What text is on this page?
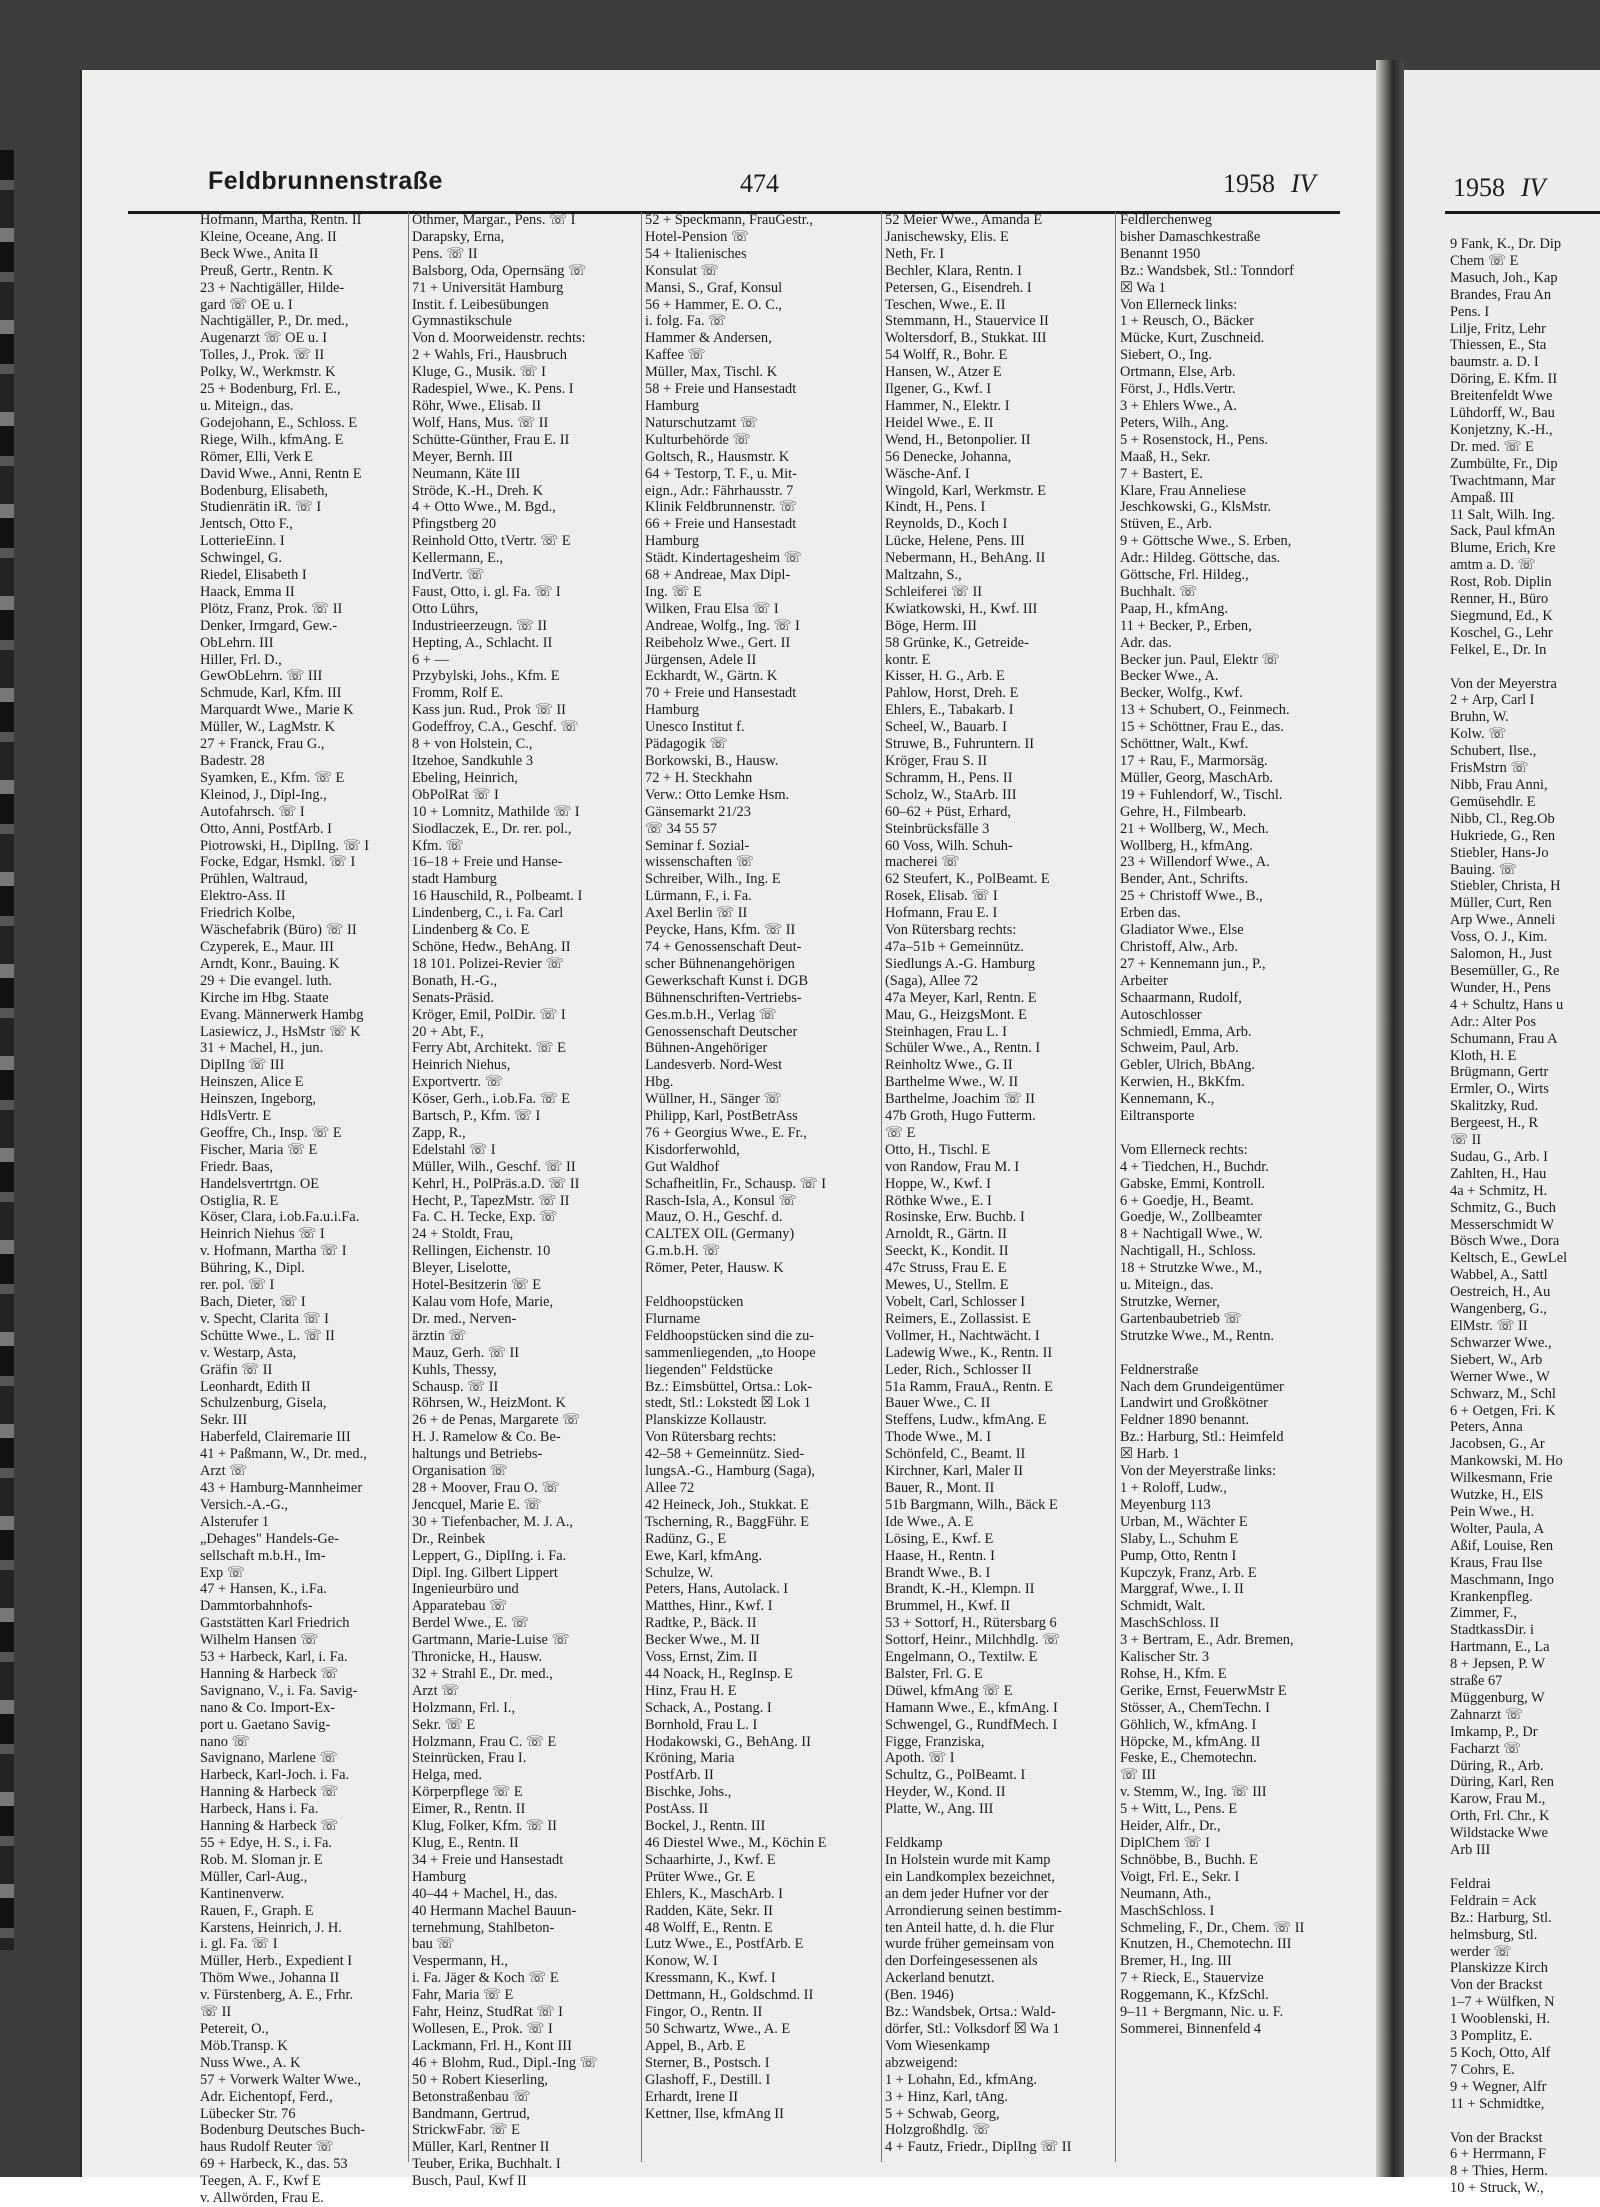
Feldbrunnenstraße	474	1958 IV
Hofmann, Martha, Rentn. II
Kleine, Oceane, Ang. II
Beck Wwe., Anita II
Preuß, Gertr., Rentn. K
23 + Nachtigäller, Hilde-
gard ☏ OE u. I
Nachtigäller, P., Dr. med.,
Augenarzt ☏ OE u. I
Tolles, J., Prok. ☏ II
Polky, W., Werkmstr. K
25 + Bodenburg, Frl. E.,
u. Miteign., das.
Godejohann, E., Schloss. E
Riege, Wilh., kfmAng. E
Römer, Elli, Verk E
David Wwe., Anni, Rentn E
Bodenburg, Elisabeth,
Studienrätin iR. ☏ I
Jentsch, Otto F.,
LotterieEinn. I
Schwingel, G.
Riedel, Elisabeth I
Haack, Emma II
Plötz, Franz, Prok. ☏ II
Denker, Irmgard, Gew.-
ObLehrn. III
Hiller, Frl. D.,
GewObLehrn. ☏ III
Schmude, Karl, Kfm. III
Marquardt Wwe., Marie K
Müller, W., LagMstr. K
27 + Franck, Frau G.,
Badestr. 28
Syamken, E., Kfm. ☏ E
Kleinod, J., Dipl-Ing.,
Autofahrsch. ☏ I
Otto, Anni, PostfArb. I
Piotrowski, H., DiplIng. ☏ I
Focke, Edgar, Hsmkl. ☏ I
Prühlen, Waltraud,
Elektro-Ass. II
Friedrich Kolbe,
Wäschefabrik (Büro) ☏ II
Czyperek, E., Maur. III
Arndt, Konr., Bauing. K
29 + Die evangel. luth.
Kirche im Hbg. Staate
Evang. Männerwerk Hambg
Lasiewicz, J., HsMstr ☏ K
31 + Machel, H., jun.
DiplIng ☏ III
Heinszen, Alice E
Heinszen, Ingeborg,
HdlsVertr. E
Geoffre, Ch., Insp. ☏ E
Fischer, Maria ☏ E
Friedr. Baas,
Handelsvertrtgn. OE
Ostiglia, R. E
Köser, Clara, i.ob.Fa.u.i.Fa.
Heinrich Niehus ☏ I
v. Hofmann, Martha ☏ I
Bühring, K., Dipl.
rer. pol. ☏ I
Bach, Dieter, ☏ I
v. Specht, Clarita ☏ I
Schütte Wwe., L. ☏ II
v. Westarp, Asta,
Gräfin ☏ II
Leonhardt, Edith II
Schulzenburg, Gisela,
Sekr. III
Haberfeld, Clairemarie III
41 + Paßmann, W., Dr. med.,
Arzt ☏
43 + Hamburg-Mannheimer
Versich.-A.-G.,
Alsterufer 1
„Dehages" Handels-Ge-
sellschaft m.b.H., Im-
Exp ☏
47 + Hansen, K., i.Fa.
Dammtorbahnhofs-
Gaststätten Karl Friedrich
Wilhelm Hansen ☏
53 + Harbeck, Karl, i. Fa.
Hanning & Harbeck ☏
Savignano, V., i. Fa. Savig-
nano & Co. Import-Ex-
port u. Gaetano Savig-
nano ☏
Savignano, Marlene ☏
Harbeck, Karl-Joch. i. Fa.
Hanning & Harbeck ☏
Harbeck, Hans i. Fa.
Hanning & Harbeck ☏
55 + Edye, H. S., i. Fa.
Rob. M. Sloman jr. E
Müller, Carl-Aug.,
Kantinenverw.
Rauen, F., Graph. E
Karstens, Heinrich, J. H.
i. gl. Fa. ☏ I
Müller, Herb., Expedient I
Thöm Wwe., Johanna II
v. Fürstenberg, A. E., Frhr.
☏ II
Petereit, O.,
Möb.Transp. K
Nuss Wwe., A. K
57 + Vorwerk Walter Wwe.,
Adr. Eichentopf, Ferd.,
Lübecker Str. 76
Bodenburg Deutsches Buch-
haus Rudolf Reuter ☏
69 + Harbeck, K., das. 53
Teegen, A. F., Kwf E
v. Allwörden, Frau E.
Othmer, Margar., Pens. ☏ I
Darapsky, Erna,
Pens. ☏ II
Balsborg, Oda, Opernsäng ☏
71 + Universität Hamburg
Instit. f. Leibesübungen
Gymnastikschule
Von d. Moorweidenstr. rechts:
2 + Wahls, Fri., Hausbruch
Kluge, G., Musik. ☏ I
Radespiel, Wwe., K. Pens. I
Röhr, Wwe., Elisab. II
Wolf, Hans, Mus. ☏ II
Schütte-Günther, Frau E. II
Meyer, Bernh. III
Neumann, Käte III
Ströde, K.-H., Dreh. K
4 + Otto Wwe., M. Bgd.,
Pfingstberg 20
Reinhold Otto, tVertr. ☏ E
Kellermann, E.,
IndVertr. ☏
Faust, Otto, i. gl. Fa. ☏ I
Otto Lührs,
Industrieerzeugn. ☏ II
Hepting, A., Schlacht. II
6 + —
Przybylski, Johs., Kfm. E
Fromm, Rolf E.
Kass jun. Rud., Prok ☏ II
Godeffroy, C.A., Geschf. ☏
8 + von Holstein, C.,
Itzehoe, Sandkuhle 3
Ebeling, Heinrich,
ObPolRat ☏ I
10 + Lomnitz, Mathilde ☏ I
Siodlaczek, E., Dr. rer. pol.,
Kfm. ☏
16–18 + Freie und Hanse-
stadt Hamburg
16 Hauschild, R., Polbeamt. I
Lindenberg, C., i. Fa. Carl
Lindenberg & Co. E
Schöne, Hedw., BehAng. II
18 101. Polizei-Revier ☏
Bonath, H.-G.,
Senats-Präsid.
Kröger, Emil, PolDir. ☏ I
20 + Abt, F.,
Ferry Abt, Architekt. ☏ E
Heinrich Niehus,
Exportvertr. ☏
Köser, Gerh., i.ob.Fa. ☏ E
Bartsch, P., Kfm. ☏ I
Zapp, R.,
Edelstahl ☏ I
Müller, Wilh., Geschf. ☏ II
Kehrl, H., PolPräs.a.D. ☏ II
Hecht, P., TapezMstr. ☏ II
Fa. C. H. Tecke, Exp. ☏
24 + Stoldt, Frau,
Rellingen, Eichenstr. 10
Bleyer, Liselotte,
Hotel-Besitzerin ☏ E
Kalau vom Hofe, Marie,
Dr. med., Nerven-
ärztin ☏
Mauz, Gerh. ☏ II
Kuhls, Thessy,
Schausp. ☏ II
Röhrsen, W., HeizMont. K
26 + de Penas, Margarete ☏
H. J. Ramelow & Co. Be-
haltungs und Betriebs-
Organisation ☏
28 + Moover, Frau O. ☏
Jencquel, Marie E. ☏
30 + Tiefenbacher, M. J. A.,
Dr., Reinbek
Leppert, G., DiplIng. i. Fa.
Dipl. Ing. Gilbert Lippert
Ingenieurbüro und
Apparatebau ☏
Berdel Wwe., E. ☏
Gartmann, Marie-Luise ☏
Thronicke, H., Hausw.
32 + Strahl E., Dr. med.,
Arzt ☏
Holzmann, Frl. I.,
Sekr. ☏ E
Holzmann, Frau C. ☏ E
Steinrücken, Frau I.
Helga, med.
Körperpflege ☏ E
Eimer, R., Rentn. II
Klug, Folker, Kfm. ☏ II
Klug, E., Rentn. II
34 + Freie und Hansestadt
Hamburg
40–44 + Machel, H., das.
40 Hermann Machel Bauun-
ternehmung, Stahlbeton-
bau ☏
Vespermann, H.,
i. Fa. Jäger & Koch ☏ E
Fahr, Maria ☏ E
Fahr, Heinz, StudRat ☏ I
Wollesen, E., Prok. ☏ I
Lackmann, Frl. H., Kont III
46 + Blohm, Rud., Dipl.-Ing ☏
50 + Robert Kieserling,
Betonstraßenbau ☏
Bandmann, Gertrud,
StrickwFabr. ☏ E
Müller, Karl, Rentner II
Teuber, Erika, Buchhalt. I
Busch, Paul, Kwf II
52 + Speckmann, FrauGestr.,
Hotel-Pension ☏
54 + Italienisches
Konsulat ☏
Mansi, S., Graf, Konsul
56 + Hammer, E. O. C.,
i. folg. Fa. ☏
Hammer & Andersen,
Kaffee ☏
Müller, Max, Tischl. K
58 + Freie und Hansestadt
Hamburg
Naturschutzamt ☏
Kulturbehörde ☏
Goltsch, R., Hausmstr. K
64 + Testorp, T. F., u. Mit-
eign., Adr.: Fährhausstr. 7
Klinik Feldbrunnenstr. ☏
66 + Freie und Hansestadt
Hamburg
Städt. Kindertagesheim ☏
68 + Andreae, Max Dipl-
Ing. ☏ E
Wilken, Frau Elsa ☏ I
Andreae, Wolfg., Ing. ☏ I
Reibeholz Wwe., Gert. II
Jürgensen, Adele II
Eckhardt, W., Gärtn. K
70 + Freie und Hansestadt
Hamburg
Unesco Institut f.
Pädagogik ☏
Borkowski, B., Hausw.
72 + H. Steckhahn
Verw.: Otto Lemke Hsm.
Gänsemarkt 21/23
☏ 34 55 57
Seminar f. Sozial-
wissenschaften ☏
Schreiber, Wilh., Ing. E
Lürmann, F., i. Fa.
Axel Berlin ☏ II
Peycke, Hans, Kfm. ☏ II
74 + Genossenschaft Deut-
scher Bühnenangehörigen
Gewerkschaft Kunst i. DGB
Bühnenschriften-Vertriebs-
Ges.m.b.H., Verlag ☏
Genossenschaft Deutscher
Bühnen-Angehöriger
Landesverb. Nord-West
Hbg.
Wüllner, H., Sänger ☏
Philipp, Karl, PostBetrAss
76 + Georgius Wwe., E. Fr.,
Kisdorferwohld,
Gut Waldhof
Schafheitlin, Fr., Schausp. ☏ I
Rasch-Isla, A., Konsul ☏
Mauz, O. H., Geschf. d.
CALTEX OIL (Germany)
G.m.b.H. ☏
Römer, Peter, Hausw. K

Feldhoopstücken
Flurname
Feldhoopstücken sind die zu-
sammenliegenden, „to Hoope
liegenden" Feldstücke
Bz.: Eimsbüttel, Ortsa.: Lok-
stedt, Stl.: Lokstedt ☒ Lok 1
Planskizze Kollaustr.
Von Rütersbarg rechts:
42–58 + Gemeinnütz. Sied-
lungsA.-G., Hamburg (Saga),
Allee 72
42 Heineck, Joh., Stukkat. E
Tscherning, R., BaggFühr. E
Radünz, G., E
Ewe, Karl, kfmAng.
Schulze, W.
Peters, Hans, Autolack. I
Matthes, Hinr., Kwf. I
Radtke, P., Bäck. II
Becker Wwe., M. II
Voss, Ernst, Zim. II
44 Noack, H., RegInsp. E
Hinz, Frau H. E
Schack, A., Postang. I
Bornhold, Frau L. I
Hodakowski, G., BehAng. II
Kröning, Maria
PostfArb. II
Bischke, Johs.,
PostAss. II
Bockel, J., Rentn. III
46 Diestel Wwe., M., Köchin E
Schaarhirte, J., Kwf. E
Prüter Wwe., Gr. E
Ehlers, K., MaschArb. I
Radden, Käte, Sekr. II
48 Wolff, E., Rentn. E
Lutz Wwe., E., PostfArb. E
Konow, W. I
Kressmann, K., Kwf. I
Dettmann, H., Goldschmd. II
Fingor, O., Rentn. II
50 Schwartz, Wwe., A. E
Appel, B., Arb. E
Sterner, B., Postsch. I
Glashoff, F., Destill. I
Erhardt, Irene II
Kettner, Ilse, kfmAng II
52 Meier Wwe., Amanda E
Janischewsky, Elis. E
Neth, Fr. I
Bechler, Klara, Rentn. I
Petersen, G., Eisendreh. I
Teschen, Wwe., E. II
Stemmann, H., Stauervice II
Woltersdorf, B., Stukkat. III
54 Wolff, R., Bohr. E
Hansen, W., Atzer E
Ilgener, G., Kwf. I
Hammer, N., Elektr. I
Heidel Wwe., E. II
Wend, H., Betonpolier. II
56 Denecke, Johanna,
Wäsche-Anf. I
Wingold, Karl, Werkmstr. E
Kindt, H., Pens. I
Reynolds, D., Koch I
Lücke, Helene, Pens. III
Nebermann, H., BehAng. II
Maltzahn, S.,
Schleiferei ☏ II
Kwiatkowski, H., Kwf. III
Böge, Herm. III
58 Grünke, K., Getreide-
kontr. E
Kisser, H. G., Arb. E
Pahlow, Horst, Dreh. E
Ehlers, E., Tabakarb. I
Scheel, W., Bauarb. I
Struwe, B., Fuhruntern. II
Kröger, Frau S. II
Schramm, H., Pens. II
Scholz, W., StaArb. III
60–62 + Püst, Erhard,
Steinbrücksfälle 3
60 Voss, Wilh. Schuh-
macherei ☏
62 Steufert, K., PolBeamt. E
Rosek, Elisab. ☏ I
Hofmann, Frau E. I
Von Rütersbarg rechts:
47a–51b + Gemeinnütz.
Siedlungs A.-G. Hamburg
(Saga), Allee 72
47a Meyer, Karl, Rentn. E
Mau, G., HeizgsMont. E
Steinhagen, Frau L. I
Schüler Wwe., A., Rentn. I
Reinholtz Wwe., G. II
Barthelme Wwe., W. II
Barthelme, Joachim ☏ II
47b Groth, Hugo Futterm.
☏ E
Otto, H., Tischl. E
von Randow, Frau M. I
Hoppe, W., Kwf. I
Röthke Wwe., E. I
Rosinske, Erw. Buchb. I
Arnoldt, R., Gärtn. II
Seeckt, K., Kondit. II
47c Struss, Frau E. E
Mewes, U., Stellm. E
Vobelt, Carl, Schlosser I
Reimers, E., Zollassist. E
Vollmer, H., Nachtwächt. I
Ladewig Wwe., K., Rentn. II
Leder, Rich., Schlosser II
51a Ramm, FrauA., Rentn. E
Bauer Wwe., C. II
Steffens, Ludw., kfmAng. E
Thode Wwe., M. I
Schönfeld, C., Beamt. II
Kirchner, Karl, Maler II
Bauer, R., Mont. II
51b Bargmann, Wilh., Bäck E
Ide Wwe., A. E
Lösing, E., Kwf. E
Haase, H., Rentn. I
Brandt Wwe., B. I
Brandt, K.-H., Klempn. II
Brummel, H., Kwf. II
53 + Sottorf, H., Rütersbarg 6
Sottorf, Heinr., Milchhdlg. ☏
Engelmann, O., Textilw. E
Balster, Frl. G. E
Düwel, kfmAng ☏ E
Hamann Wwe., E., kfmAng. I
Schwengel, G., RundfMech. I
Figge, Franziska,
Apoth. ☏ I
Schultz, G., PolBeamt. I
Heyder, W., Kond. II
Platte, W., Ang. III

Feldkamp
In Holstein wurde mit Kamp
ein Landkomplex bezeichnet,
an dem jeder Hufner vor der
Arrondierung seinen bestimm-
ten Anteil hatte, d. h. die Flur
wurde früher gemeinsam von
den Dorfeingesessenen als
Ackerland benutzt.
(Ben. 1946)
Bz.: Wandsbek, Ortsa.: Wald-
dörfer, Stl.: Volksdorf ☒ Wa 1
Vom Wiesenkamp
abzweigend:
1 + Lohahn, Ed., kfmAng.
3 + Hinz, Karl, tAng.
5 + Schwab, Georg,
Holzgroßhdlg. ☏
4 + Fautz, Friedr., DiplIng ☏ II
Feldlerchenweg
bisher Damaschkestraße
Benannt 1950
Bz.: Wandsbek, Stl.: Tonndorf
☒ Wa 1
Von Ellerneck links:
1 + Reusch, O., Bäcker
Mücke, Kurt, Zuschneid.
Siebert, O., Ing.
Ortmann, Else, Arb.
Först, J., Hdls.Vertr.
3 + Ehlers Wwe., A.
Peters, Wilh., Ang.
5 + Rosenstock, H., Pens.
Maaß, H., Sekr.
7 + Bastert, E.
Klare, Frau Anneliese
Jeschkowski, G., KlsMstr.
Stüven, E., Arb.
9 + Göttsche Wwe., S. Erben,
Adr.: Hildeg. Göttsche, das.
Göttsche, Frl. Hildeg.,
Buchhalt. ☏
Paap, H., kfmAng.
11 + Becker, P., Erben,
Adr. das.
Becker jun. Paul, Elektr ☏
Becker Wwe., A.
Becker, Wolfg., Kwf.
13 + Schubert, O., Feinmech.
15 + Schöttner, Frau E., das.
Schöttner, Walt., Kwf.
17 + Rau, F., Marmorsäg.
Müller, Georg, MaschArb.
19 + Fuhlendorf, W., Tischl.
Gehre, H., Filmbearb.
21 + Wollberg, W., Mech.
Wollberg, H., kfmAng.
23 + Willendorf Wwe., A.
Bender, Ant., Schrifts.
25 + Christoff Wwe., B.,
Erben das.
Gladiator Wwe., Else
Christoff, Alw., Arb.
27 + Kennemann jun., P.,
Arbeiter
Schaarmann, Rudolf,
Autoschlosser
Schmiedl, Emma, Arb.
Schweim, Paul, Arb.
Gebler, Ulrich, BbAng.
Kerwien, H., BkKfm.
Kennemann, K.,
Eiltransporte

Vom Ellerneck rechts:
4 + Tiedchen, H., Buchdr.
Gabske, Emmi, Kontroll.
6 + Goedje, H., Beamt.
Goedje, W., Zollbeamter
8 + Nachtigall Wwe., W.
Nachtigall, H., Schloss.
18 + Strutzke Wwe., M.,
u. Miteign., das.
Strutzke, Werner,
Gartenbaubetrieb ☏
Strutzke Wwe., M., Rentn.

Feldnerstraße
Nach dem Grundeigentümer
Landwirt und Großkötner
Feldner 1890 benannt.
Bz.: Harburg, Stl.: Heimfeld
☒ Harb. 1
Von der Meyerstraße links:
1 + Roloff, Ludw.,
Meyenburg 113
Urban, M., Wächter E
Slaby, L., Schuhm E
Pump, Otto, Rentn I
Kupczyk, Franz, Arb. E
Marggraf, Wwe., I. II
Schmidt, Walt.
MaschSchloss. II
3 + Bertram, E., Adr. Bremen,
Kalischer Str. 3
Rohse, H., Kfm. E
Gerike, Ernst, FeuerwMstr E
Stösser, A., ChemTechn. I
Göhlich, W., kfmAng. I
Höpcke, M., kfmAng. II
Feske, E., Chemotechn.
☏ III
v. Stemm, W., Ing. ☏ III
5 + Witt, L., Pens. E
Heider, Alfr., Dr.,
DiplChem ☏ I
Schnöbbe, B., Buchh. E
Voigt, Frl. E., Sekr. I
Neumann, Ath.,
MaschSchloss. I
Schmeling, F., Dr., Chem. ☏ II
Knutzen, H., Chemotechn. III
Bremer, H., Ing. III
7 + Rieck, E., Stauervize
Roggemann, K., KfzSchl.
9–11 + Bergmann, Nic. u. F.
Sommerei, Binnenfeld 4
1958 IV
9 Fank, K., Dr. Dip
Chem ☏ E
Masuch, Joh., Kap
Brandes, Frau An
Pens. I
Lilje, Fritz, Lehr
Thiessen, E., Sta
baumstr. a. D. I
Döring, E. Kfm. II
Breitenfeldt Wwe
Lühdorff, W., Bau
Konjetzny, K.-H.,
Dr. med. ☏ E
Zumbülte, Fr., Dip
Twachtmann, Mar
Ampaß. III
11 Salt, Wilh. Ing.
Sack, Paul kfmAn
Blume, Erich, Kre
amtm a. D. ☏
Rost, Rob. Diplin
Renner, H., Büro
Siegmund, Ed., K
Koschel, G., Lehr
Felkel, E., Dr. In

Von der Meyerstra
2 + Arp, Carl I
Bruhn, W.
Kolw. ☏
Schubert, Ilse.,
FrisMstrn ☏
Nibb, Frau Anni,
Gemüsehdlr. E
Nibb, Cl., Reg.Ob
Hukriede, G., Ren
Stiebler, Hans-Jo
Bauing. ☏
Stiebler, Christa, H
Müller, Curt, Ren
Arp Wwe., Anneli
Voss, O. J., Kim.
Salomon, H., Just
Besemüller, G., Re
Wunder, H., Pens
4 + Schultz, Hans u
Adr.: Alter Pos
Schumann, Frau A
Kloth, H. E
Brügmann, Gertr
Ermler, O., Wirts
Skalitzky, Rud.
Bergeest, H., R
☏ II
Sudau, G., Arb. I
Zahlten, H., Hau
4a + Schmitz, H.
Schmitz, G., Buch
Messerschmidt W
Bösch Wwe., Dora
Keltsch, E., GewLel
Wabbel, A., Sattl
Oestreich, H., Au
Wangenberg, G.,
ElMstr. ☏ II
Schwarzer Wwe.,
Siebert, W., Arb
Werner Wwe., W
Schwarz, M., Schl
6 + Oetgen, Fri. K
Peters, Anna
Jacobsen, G., Ar
Mankowski, M. Ho
Wilkesmann, Frie
Wutzke, H., ElS
Pein Wwe., H.
Wolter, Paula, A
Aßif, Louise, Ren
Kraus, Frau Ilse
Maschmann, Ingo
Krankenpfleg.
Zimmer, F.,
StadtkassDir. i
Hartmann, E., La
8 + Jepsen, P. W
straße 67
Müggenburg, W
Zahnarzt ☏
Imkamp, P., Dr
Facharzt ☏
Düring, R., Arb.
Düring, Karl, Ren
Karow, Frau M.,
Orth, Frl. Chr., K
Wildstacke Wwe
Arb III

Feldrai
Feldrain = Ack
Bz.: Harburg, Stl.
helmsburg, Stl.
werder ☏
Planskizze Kirch
Von der Brackst
1–7 + Wülfken, N
1 Wooblenski, H.
3 Pomplitz, E.
5 Koch, Otto, Alf
7 Cohrs, E.
9 + Wegner, Alfr
11 + Schmidtke,

Von der Brackst
6 + Herrmann, F
8 + Thies, Herm.
10 + Struck, W.,
